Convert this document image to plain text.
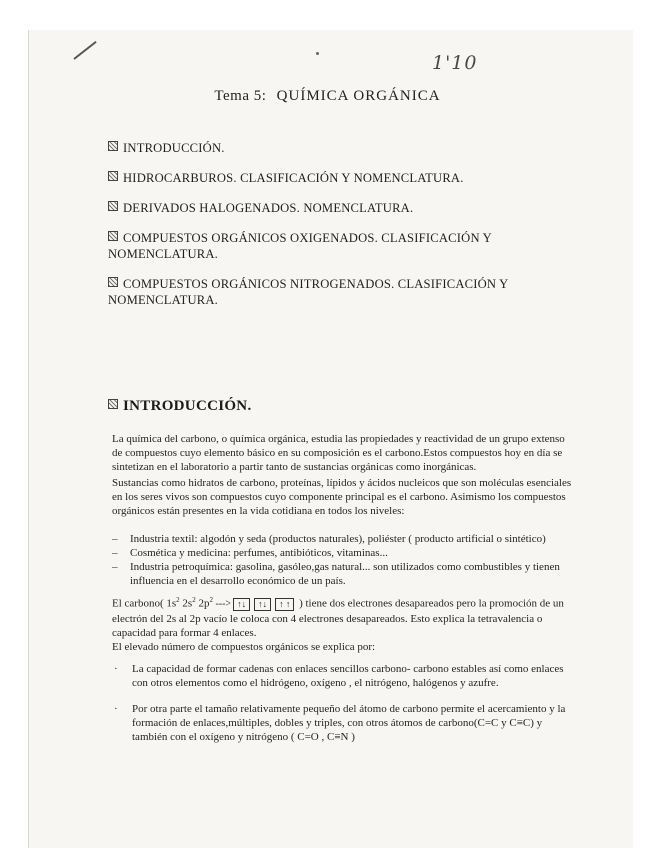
1'10
Tema 5: QUÍMICA ORGÁNICA
INTRODUCCIÓN.
HIDROCARBUROS. CLASIFICACIÓN Y NOMENCLATURA.
DERIVADOS HALOGENADOS. NOMENCLATURA.
COMPUESTOS ORGÁNICOS OXIGENADOS. CLASIFICACIÓN Y NOMENCLATURA.
COMPUESTOS ORGÁNICOS NITROGENADOS. CLASIFICACIÓN Y NOMENCLATURA.
INTRODUCCIÓN.
La química del carbono, o química orgánica, estudia las propiedades y reactividad de un grupo extenso de compuestos cuyo elemento básico en su composición es el carbono.Estos compuestos hoy en día se sintetizan en el laboratorio a partir tanto de sustancias orgánicas como inorgánicas.
Sustancias como hidratos de carbono, proteínas, lípidos y ácidos nucleicos que son moléculas esenciales en los seres vivos son compuestos cuyo componente principal es el carbono. Asimismo los compuestos orgánicos están presentes en la vida cotidiana en todos los niveles:
–	Industria textil: algodón y seda (productos naturales), poliéster ( producto artificial o sintético)
–	Cosmética y medicina: perfumes, antibióticos, vitaminas...
–	Industria petroquímica: gasolina, gasóleo,gas natural... son utilizados como combustibles y tienen influencia en el desarrollo económico de un país.
El carbono( $1s^2$ $2s^2$ $2p^2$ ---> ↑↓ ↑↓ ↑ ↑ ) tiene dos electrones desapareados pero la promoción de un electrón del 2s al 2p vacío le coloca con 4 electrones desapareados. Esto explica la tetravalencia o capacidad para formar 4 enlaces.
El elevado número de compuestos orgánicos se explica por:
·	La capacidad de formar cadenas con enlaces sencillos carbono- carbono estables así como enlaces con otros elementos como el hidrógeno, oxígeno , el nitrógeno, halógenos y azufre.
·	Por otra parte el tamaño relativamente pequeño del átomo de carbono permite el acercamiento y la formación de enlaces,múltiples, dobles y triples, con otros átomos de carbono(C=C y C≡C) y también con el oxígeno y nitrógeno ( C=O , C≡N )
